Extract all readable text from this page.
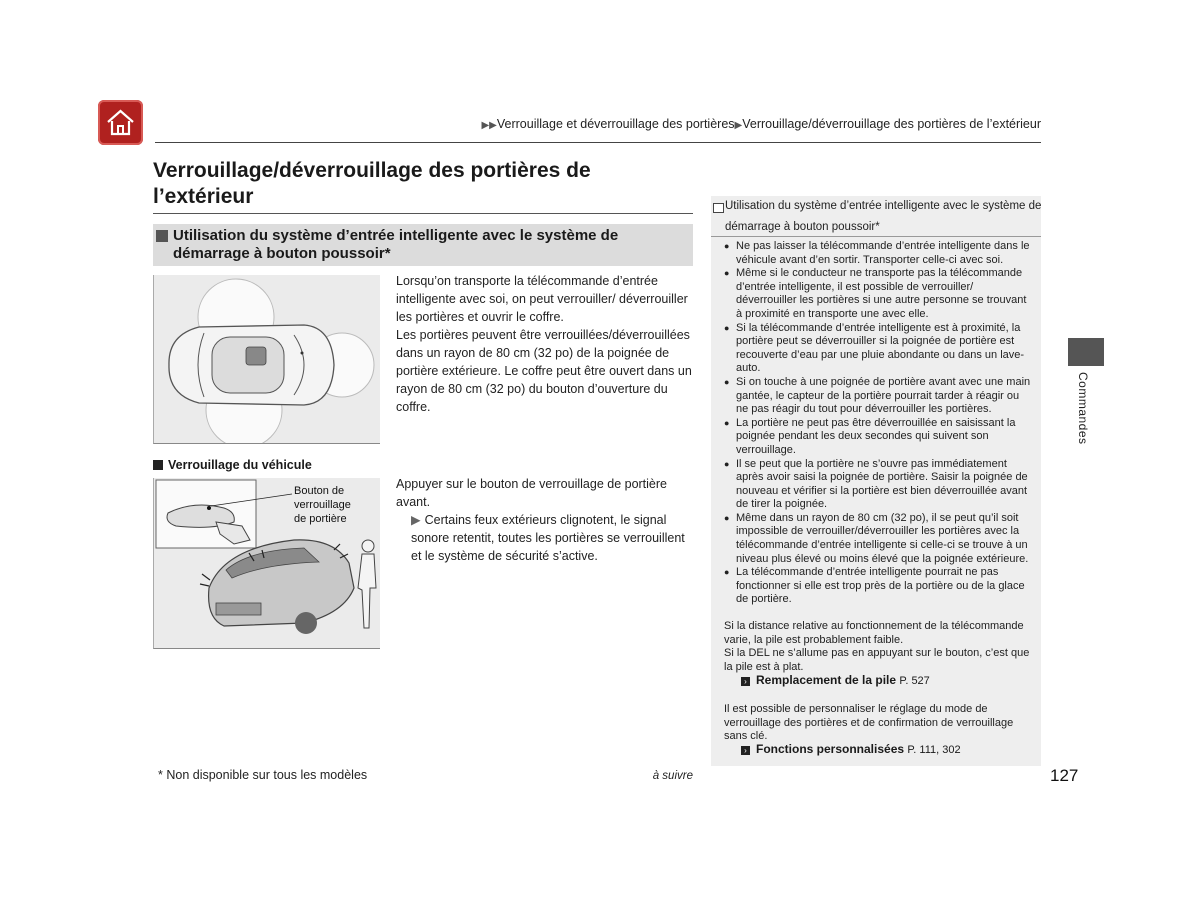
▶▶Verrouillage et déverrouillage des portières▶Verrouillage/déverrouillage des portières de l’extérieur
Verrouillage/déverrouillage des portières de
l’extérieur
Utilisation du système d’entrée intelligente avec le système de
démarrage à bouton poussoir*
Lorsqu’on transporte la télécommande d’entrée intelligente avec soi, on peut verrouiller/ déverrouiller les portières et ouvrir le coffre.
Les portières peuvent être verrouillées/déverrouillées dans un rayon de 80 cm (32 po) de la poignée de portière extérieure. Le coffre peut être ouvert dans un rayon de 80 cm (32 po) du bouton d’ouverture du coffre.
Verrouillage du véhicule
Bouton de
verrouillage
de portière
Appuyer sur le bouton de verrouillage de portière avant.
▶ Certains feux extérieurs clignotent, le signal sonore retentit, toutes les portières se verrouillent et le système de sécurité s’active.
Utilisation du système d’entrée intelligente avec le système de
démarrage à bouton poussoir*
● Ne pas laisser la télécommande d’entrée intelligente dans le véhicule avant d’en sortir. Transporter celle-ci avec soi.
● Même si le conducteur ne transporte pas la télécommande d’entrée intelligente, il est possible de verrouiller/ déverrouiller les portières si une autre personne se trouvant à proximité en transporte une avec elle.
● Si la télécommande d’entrée intelligente est à proximité, la portière peut se déverrouiller si la poignée de portière est recouverte d’eau par une pluie abondante ou dans un lave-auto.
● Si on touche à une poignée de portière avant avec une main gantée, le capteur de la portière pourrait tarder à réagir ou ne pas réagir du tout pour déverrouiller les portières.
● La portière ne peut pas être déverrouillée en saisissant la poignée pendant les deux secondes qui suivent son verrouillage.
● Il se peut que la portière ne s’ouvre pas immédiatement après avoir saisi la poignée de portière. Saisir la poignée de nouveau et vérifier si la portière est bien déverrouillée avant de tirer la poignée.
● Même dans un rayon de 80 cm (32 po), il se peut qu’il soit impossible de verrouiller/déverrouiller les portières avec la télécommande d’entrée intelligente si celle-ci se trouve à un niveau plus élevé ou moins élevé que la poignée extérieure.
● La télécommande d’entrée intelligente pourrait ne pas fonctionner si elle est trop près de la portière ou de la glace de portière.
Si la distance relative au fonctionnement de la télécommande varie, la pile est probablement faible.
Si la DEL ne s’allume pas en appuyant sur le bouton, c’est que la pile est à plat.
› Remplacement de la pile P. 527
Il est possible de personnaliser le réglage du mode de verrouillage des portières et de confirmation de verrouillage sans clé.
› Fonctions personnalisées P. 111, 302
Commandes
* Non disponible sur tous les modèles	à suivre	127
